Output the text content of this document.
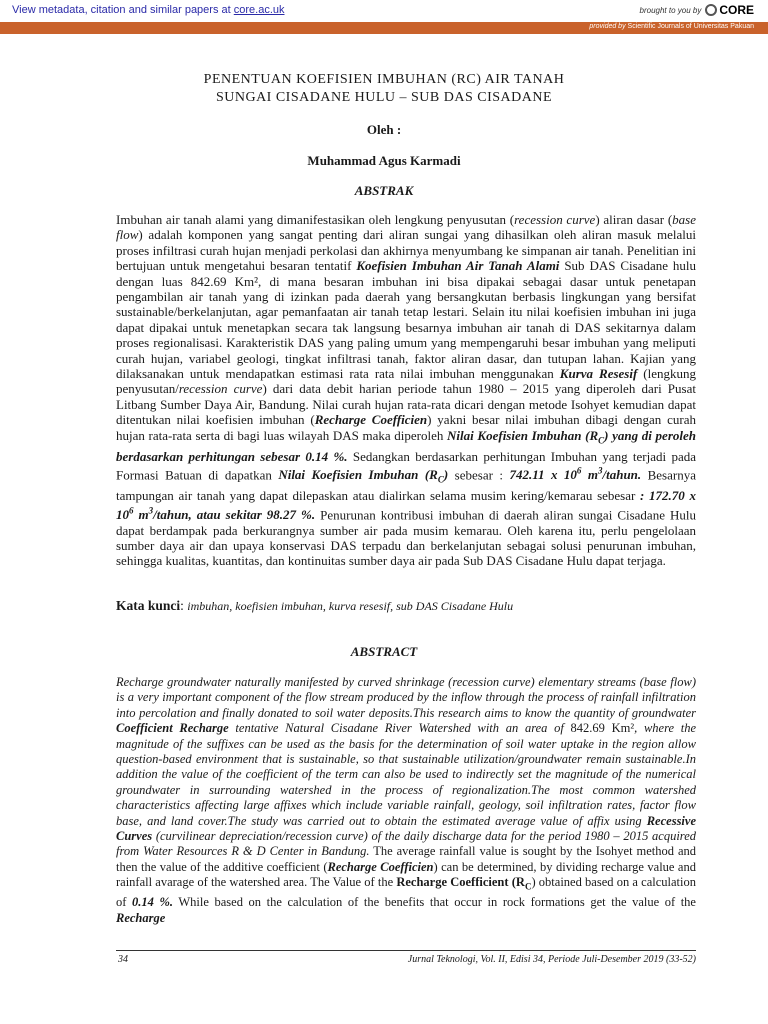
View metadata, citation and similar papers at core.ac.uk	brought to you by CORE
provided by Scientific Journals of Universitas Pakuan
PENENTUAN KOEFISIEN IMBUHAN (RC) AIR TANAH
SUNGAI CISADANE HULU – SUB DAS CISADANE
Oleh :
Muhammad Agus Karmadi
ABSTRAK
Imbuhan air tanah alami yang dimanifestasikan oleh lengkung penyusutan (recession curve) aliran dasar (base flow) adalah komponen yang sangat penting dari aliran sungai yang dihasilkan oleh aliran masuk melalui proses infiltrasi curah hujan menjadi perkolasi dan akhirnya menyumbang ke simpanan air tanah. Penelitian ini bertujuan untuk mengetahui besaran tentatif Koefisien Imbuhan Air Tanah Alami Sub DAS Cisadane hulu dengan luas 842.69 Km², di mana besaran imbuhan ini bisa dipakai sebagai dasar untuk penetapan pengambilan air tanah yang di izinkan pada daerah yang bersangkutan berbasis lingkungan yang bersifat sustainable/berkelanjutan, agar pemanfaatan air tanah tetap lestari. Selain itu nilai koefisien imbuhan ini juga dapat dipakai untuk menetapkan secara tak langsung besarnya imbuhan air tanah di DAS sekitarnya dalam proses regionalisasi. Karakteristik DAS yang paling umum yang mempengaruhi besar imbuhan yang meliputi curah hujan, variabel geologi, tingkat infiltrasi tanah, faktor aliran dasar, dan tutupan lahan. Kajian yang dilaksanakan untuk mendapatkan estimasi rata rata nilai imbuhan menggunakan Kurva Resesif (lengkung penyusutan/recession curve) dari data debit harian periode tahun 1980 – 2015 yang diperoleh dari Pusat Litbang Sumber Daya Air, Bandung. Nilai curah hujan rata-rata dicari dengan metode Isohyet kemudian dapat ditentukan nilai koefisien imbuhan (Recharge Coefficien) yakni besar nilai imbuhan dibagi dengan curah hujan rata-rata serta di bagi luas wilayah DAS maka diperoleh Nilai Koefisien Imbuhan $(R_C)$ yang di peroleh berdasarkan perhitungan sebesar 0.14 %. Sedangkan berdasarkan perhitungan Imbuhan yang terjadi pada Formasi Batuan di dapatkan Nilai Koefisien Imbuhan $(R_C)$ sebesar : 742.11 x $10^6$ $m^3$/tahun. Besarnya tampungan air tanah yang dapat dilepaskan atau dialirkan selama musim kering/kemarau sebesar : 172.70 x $10^6$ $m^3$/tahun, atau sekitar 98.27 %. Penurunan kontribusi imbuhan di daerah aliran sungai Cisadane Hulu dapat berdampak pada berkurangnya sumber air pada musim kemarau. Oleh karena itu, perlu pengelolaan sumber daya air dan upaya konservasi DAS terpadu dan berkelanjutan sebagai solusi penurunan imbuhan, sehingga kualitas, kuantitas, dan kontinuitas sumber daya air pada Sub DAS Cisadane Hulu dapat terjaga.
Kata kunci: imbuhan, koefisien imbuhan, kurva resesif, sub DAS Cisadane Hulu
ABSTRACT
Recharge groundwater naturally manifested by curved shrinkage (recession curve) elementary streams (base flow) is a very important component of the flow stream produced by the inflow through the process of rainfall infiltration into percolation and finally donated to soil water deposits.This research aims to know the quantity of groundwater Coefficient Recharge tentative Natural Cisadane River Watershed with an area of 842.69 Km², where the magnitude of the suffixes can be used as the basis for the determination of soil water uptake in the region allow question-based environment that is sustainable, so that sustainable utilization/groundwater remain sustainable.In addition the value of the coefficient of the term can also be used to indirectly set the magnitude of the numerical groundwater in surrounding watershed in the process of regionalization.The most common watershed characteristics affecting large affixes which include variable rainfall, geology, soil infiltration rates, factor flow base, and land cover.The study was carried out to obtain the estimated average value of affix using Recessive Curves (curvilinear depreciation/recession curve) of the daily discharge data for the period 1980 – 2015 acquired from Water Resources R & D Center in Bandung. The average rainfall value is sought by the Isohyet method and then the value of the additive coefficient (Recharge Coefficien) can be determined, by dividing recharge value and rainfall avarage of the watershed area. The Value of the Recharge Coefficient $(R_C)$ obtained based on a calculation of 0.14 %. While based on the calculation of the benefits that occur in rock formations get the value of the Recharge
34	Jurnal Teknologi, Vol. II, Edisi 34, Periode Juli-Desember 2019 (33-52)
